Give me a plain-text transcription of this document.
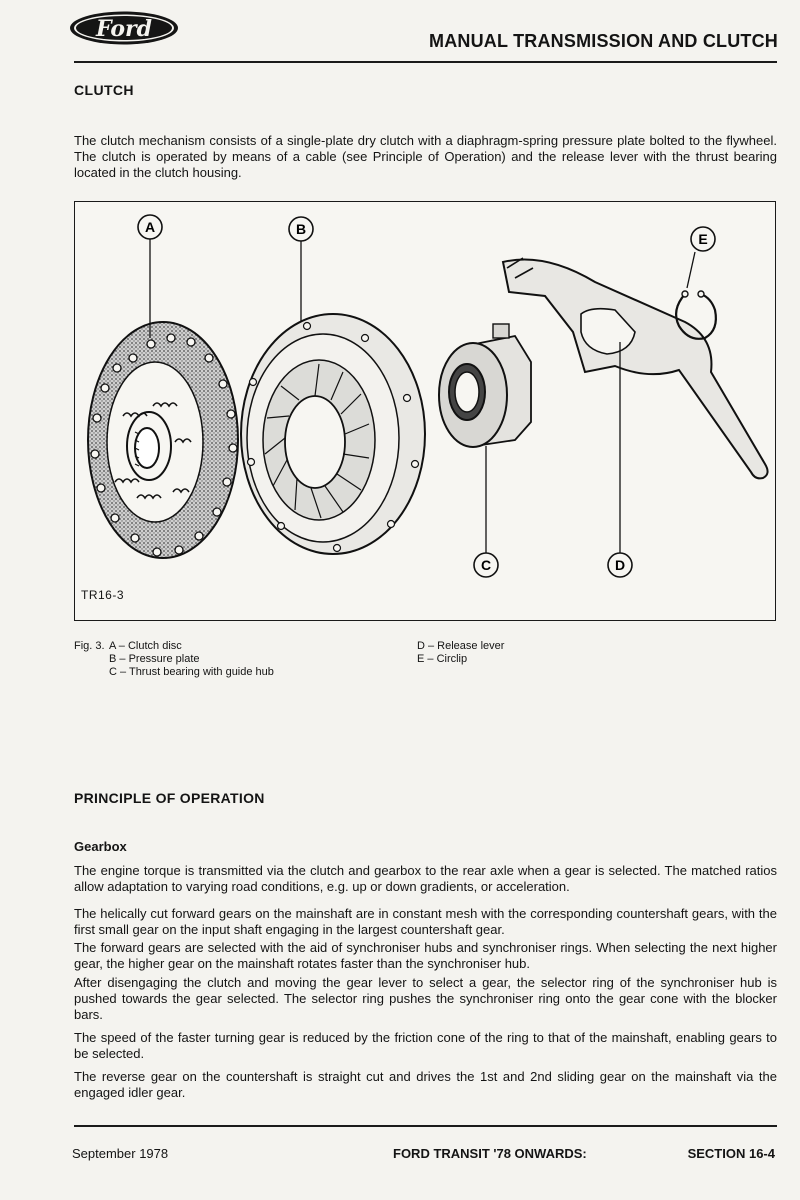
Ford	MANUAL TRANSMISSION AND CLUTCH
CLUTCH
The clutch mechanism consists of a single-plate dry clutch with a diaphragm-spring pressure plate bolted to the flywheel. The clutch is operated by means of a cable (see Principle of Operation) and the release lever with the thrust bearing located in the clutch housing.
A	B
C	D
E
TR16-3
Fig. 3. A – Clutch disc
B – Pressure plate
C – Thrust bearing with guide hub
D – Release lever
E – Circlip
PRINCIPLE OF OPERATION
Gearbox
The engine torque is transmitted via the clutch and gearbox to the rear axle when a gear is selected. The matched ratios allow adaptation to varying road conditions, e.g. up or down gradients, or acceleration.
The helically cut forward gears on the mainshaft are in constant mesh with the corresponding countershaft gears, with the first small gear on the input shaft engaging in the largest countershaft gear.
The forward gears are selected with the aid of synchroniser hubs and synchroniser rings. When selecting the next higher gear, the higher gear on the mainshaft rotates faster than the synchroniser hub.
After disengaging the clutch and moving the gear lever to select a gear, the selector ring of the synchroniser hub is pushed towards the gear selected. The selector ring pushes the synchroniser ring onto the gear cone with the blocker bars.
The speed of the faster turning gear is reduced by the friction cone of the ring to that of the mainshaft, enabling gears to be selected.
The reverse gear on the countershaft is straight cut and drives the 1st and 2nd sliding gear on the mainshaft via the engaged idler gear.
September 1978	FORD TRANSIT '78 ONWARDS:	SECTION 16-4
